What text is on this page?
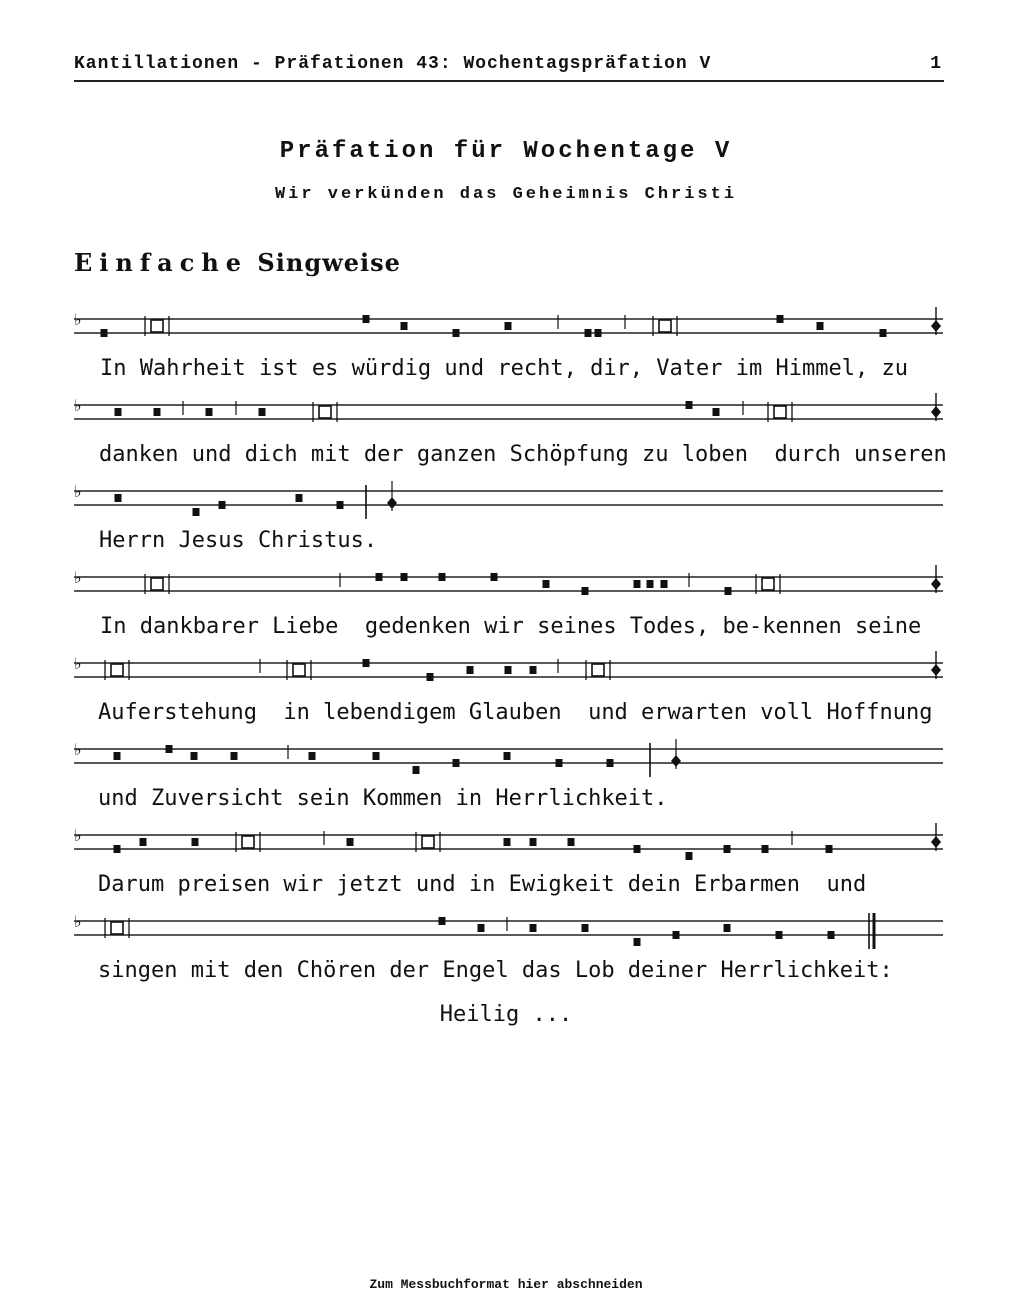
Kantillationen - Präfationen 43: Wochentagspräfation V	1
Präfation für Wochentage V
Wir verkünden das Geheimnis Christi
Einfache Singweise
♭
♭
♭
♭
♭
♭
♭
♭
In Wahrheit ist es würdig und recht, dir, Vater im Himmel, zu
danken und dich mit der ganzen Schöpfung zu loben  durch unseren
Herrn Jesus Christus.
In dankbarer Liebe  gedenken wir seines Todes, be-kennen seine
Auferstehung  in lebendigem Glauben  und erwarten voll Hoffnung
und Zuversicht sein Kommen in Herrlichkeit.
Darum preisen wir jetzt und in Ewigkeit dein Erbarmen  und
singen mit den Chören der Engel das Lob deiner Herrlichkeit:
Heilig ...
Zum Messbuchformat hier abschneiden
